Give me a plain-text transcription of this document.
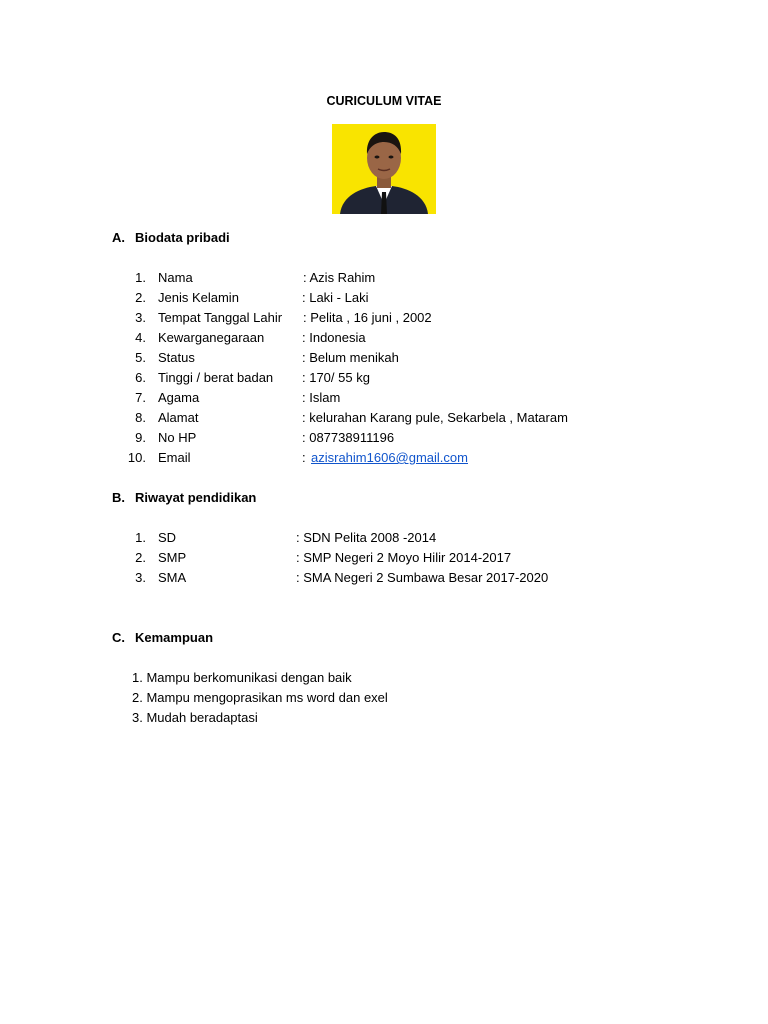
CURICULUM VITAE
A. Biodata pribadi
1. Nama	: Azis Rahim
2. Jenis Kelamin	: Laki - Laki
3. Tempat Tanggal Lahir : Pelita , 16 juni , 2002
4. Kewarganegaraan	: Indonesia
5. Status	: Belum menikah
6. Tinggi / berat badan : 170/ 55 kg
7. Agama	: Islam
8. Alamat	: kelurahan Karang pule, Sekarbela , Mataram
9. No HP	: 087738911196
10. Email	: azisrahim1606@gmail.com
B. Riwayat pendidikan
1. SD	: SDN Pelita 2008 -2014
2. SMP	: SMP Negeri 2 Moyo Hilir 2014-2017
3. SMA	: SMA Negeri 2 Sumbawa Besar 2017-2020
C. Kemampuan
1. Mampu berkomunikasi dengan baik
2. Mampu mengoprasikan ms word dan exel
3. Mudah beradaptasi
